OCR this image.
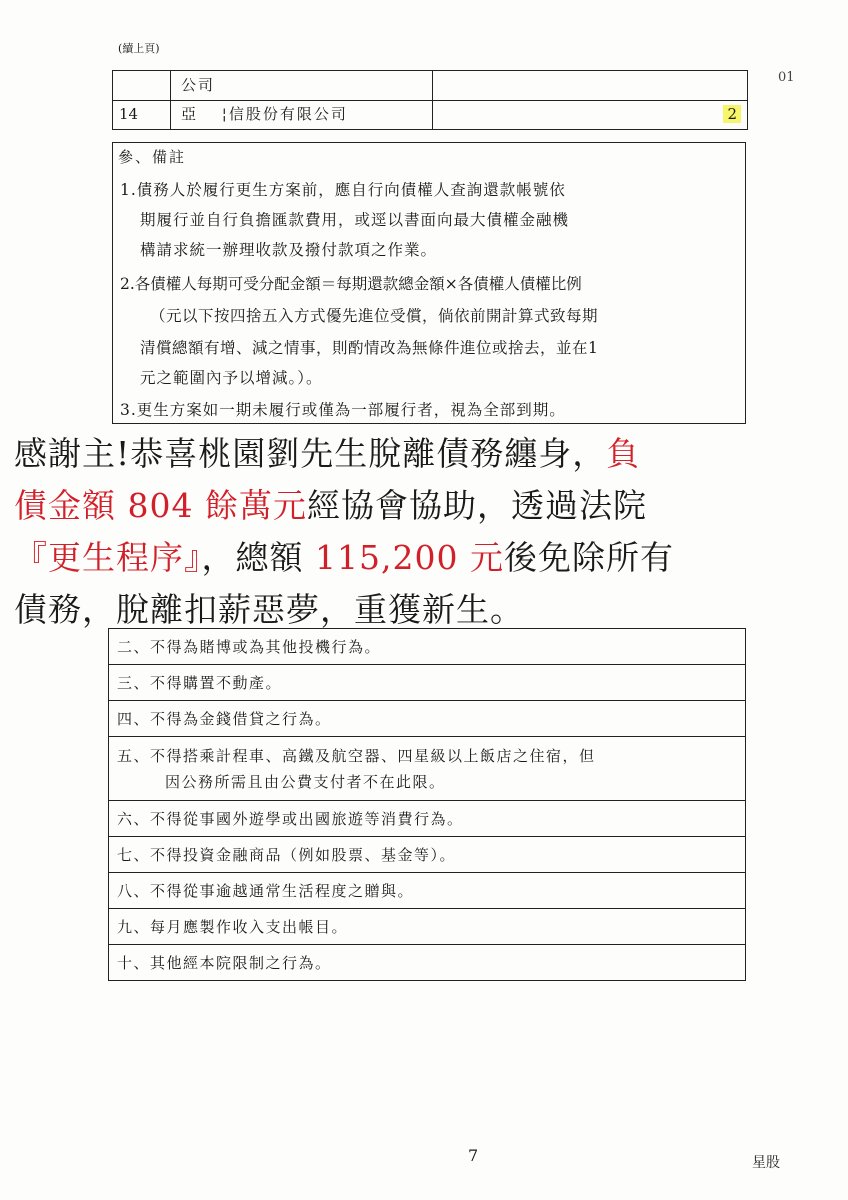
(續上頁)
01
公司
14	亞　 ¦信股份有限公司	2
參、備註
1.債務人於履行更生方案前，應自行向債權人查詢還款帳號依
期履行並自行負擔匯款費用，或逕以書面向最大債權金融機
構請求統一辦理收款及撥付款項之作業。
2.各債權人每期可受分配金額＝每期還款總金額×各債權人債權比例
（元以下按四捨五入方式優先進位受償，倘依前開計算式致每期
清償總額有增、減之情事，則酌情改為無條件進位或捨去，並在1
元之範圍內予以增減。）。
3.更生方案如一期未履行或僅為一部履行者，視為全部到期。
感謝主!恭喜桃園劉先生脫離債務纏身，負
債金額 804 餘萬元經協會協助，透過法院
『更生程序』，總額 115,200 元後免除所有
債務，脫離扣薪惡夢，重獲新生。
二、不得為賭博或為其他投機行為。
三、不得購置不動產。
四、不得為金錢借貸之行為。
五、不得搭乘計程車、高鐵及航空器、四星級以上飯店之住宿，但
因公務所需且由公費支付者不在此限。
六、不得從事國外遊學或出國旅遊等消費行為。
七、不得投資金融商品（例如股票、基金等）。
八、不得從事逾越通常生活程度之贈與。
九、每月應製作收入支出帳目。
十、其他經本院限制之行為。
7	星股
